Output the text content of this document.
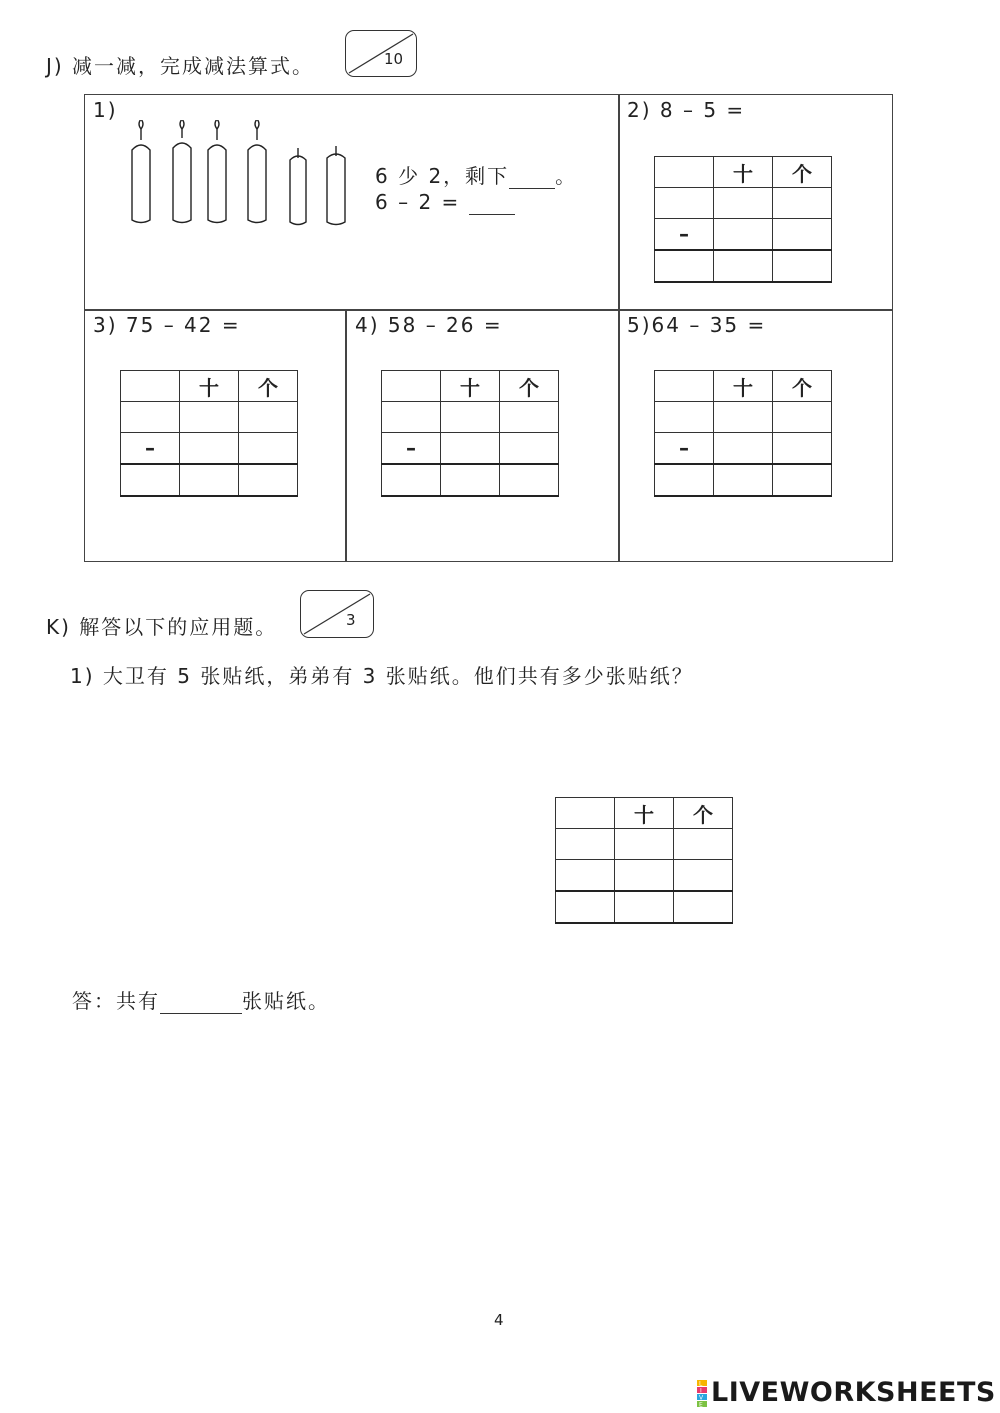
J) 减一减，完成减法算式。	10
1)
6 少 2，剩下 。
6 – 2 =
2) 8 – 5 =
	十	个

–		

3) 75 – 42 =
	十	个

–		

4) 58 – 26 =
	十	个

–		

5)64 – 35 =
	十	个

–		

K) 解答以下的应用题。	3
1) 大卫有 5 张贴纸，弟弟有 3 张贴纸。他们共有多少张贴纸？
	十	个

答：共有	张贴纸。
4
L
I
V
E LIVEWORKSHEETS
